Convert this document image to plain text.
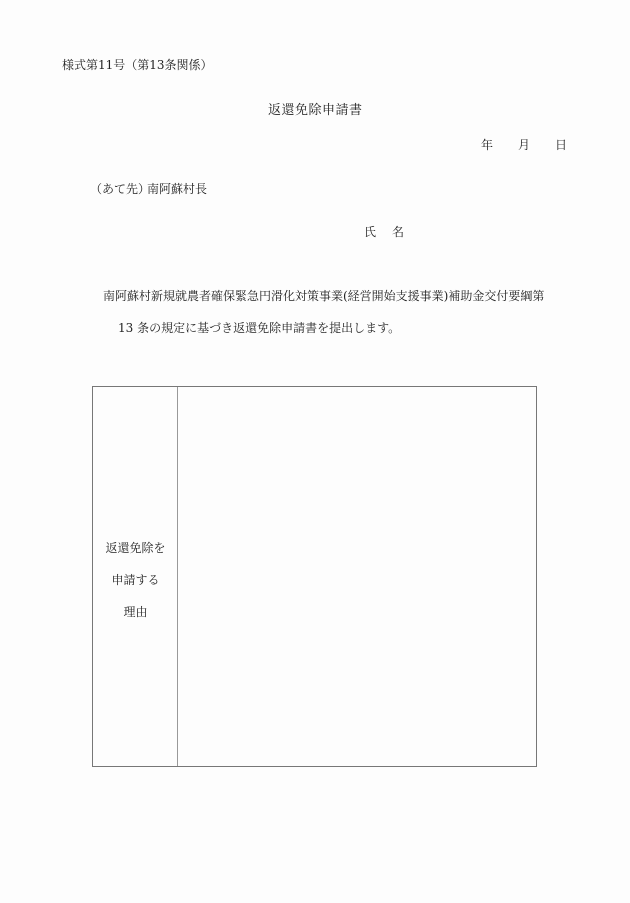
様式第11号（第13条関係）
返還免除申請書
年 月 日
（あて先）
南阿蘇村長
氏名
南阿蘇村新規就農者確保緊急円滑化対策事業(経営開始支援事業)補助金交付要綱第
13 条の規定に基づき返還免除申請書を提出します。
返還免除を
申請する
理由
